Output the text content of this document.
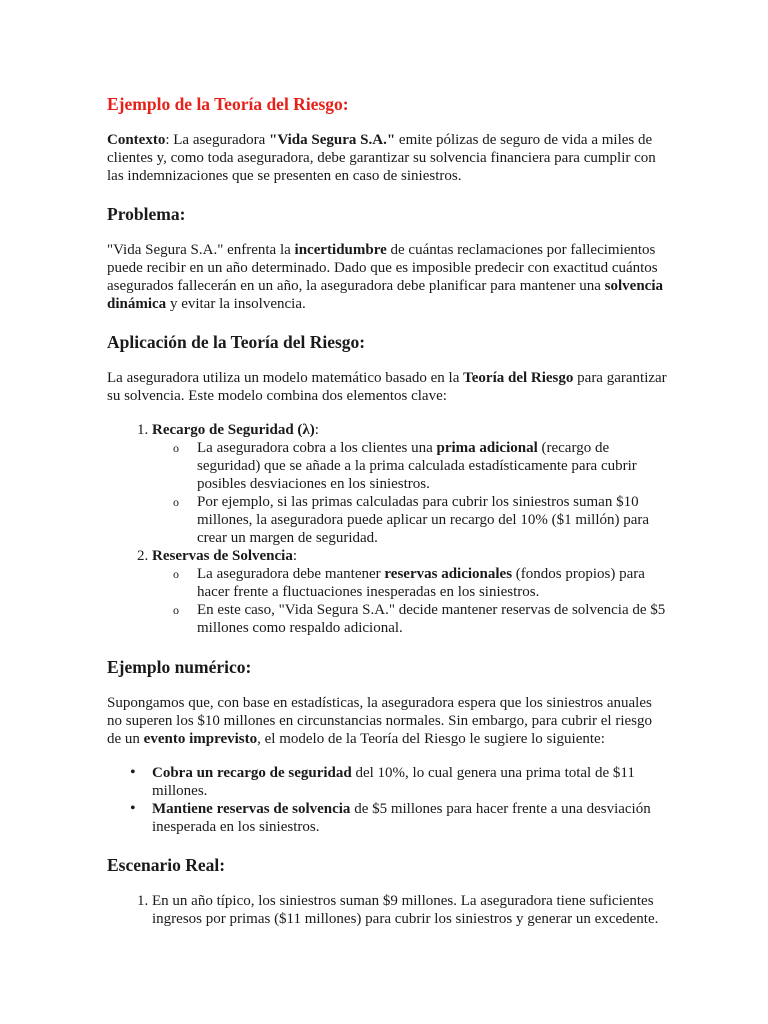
Ejemplo de la Teoría del Riesgo:

Contexto: La aseguradora "Vida Segura S.A." emite pólizas de seguro de vida a miles de clientes y, como toda aseguradora, debe garantizar su solvencia financiera para cumplir con las indemnizaciones que se presenten en caso de siniestros.

Problema:

"Vida Segura S.A." enfrenta la incertidumbre de cuántas reclamaciones por fallecimientos puede recibir en un año determinado. Dado que es imposible predecir con exactitud cuántos asegurados fallecerán en un año, la aseguradora debe planificar para mantener una solvencia dinámica y evitar la insolvencia.

Aplicación de la Teoría del Riesgo:

La aseguradora utiliza un modelo matemático basado en la Teoría del Riesgo para garantizar su solvencia. Este modelo combina dos elementos clave:

1. Recargo de Seguridad (λ):
o La aseguradora cobra a los clientes una prima adicional (recargo de seguridad) que se añade a la prima calculada estadísticamente para cubrir posibles desviaciones en los siniestros.
o Por ejemplo, si las primas calculadas para cubrir los siniestros suman $10 millones, la aseguradora puede aplicar un recargo del 10% ($1 millón) para crear un margen de seguridad.
2. Reservas de Solvencia:
o La aseguradora debe mantener reservas adicionales (fondos propios) para hacer frente a fluctuaciones inesperadas en los siniestros.
o En este caso, "Vida Segura S.A." decide mantener reservas de solvencia de $5 millones como respaldo adicional.
Ejemplo numérico:

Supongamos que, con base en estadísticas, la aseguradora espera que los siniestros anuales no superen los $10 millones en circunstancias normales. Sin embargo, para cubrir el riesgo de un evento imprevisto, el modelo de la Teoría del Riesgo le sugiere lo siguiente:

• Cobra un recargo de seguridad del 10%, lo cual genera una prima total de $11 millones.
• Mantiene reservas de solvencia de $5 millones para hacer frente a una desviación inesperada en los siniestros.
Escenario Real:
1. En un año típico, los siniestros suman $9 millones. La aseguradora tiene suficientes ingresos por primas ($11 millones) para cubrir los siniestros y generar un excedente.
